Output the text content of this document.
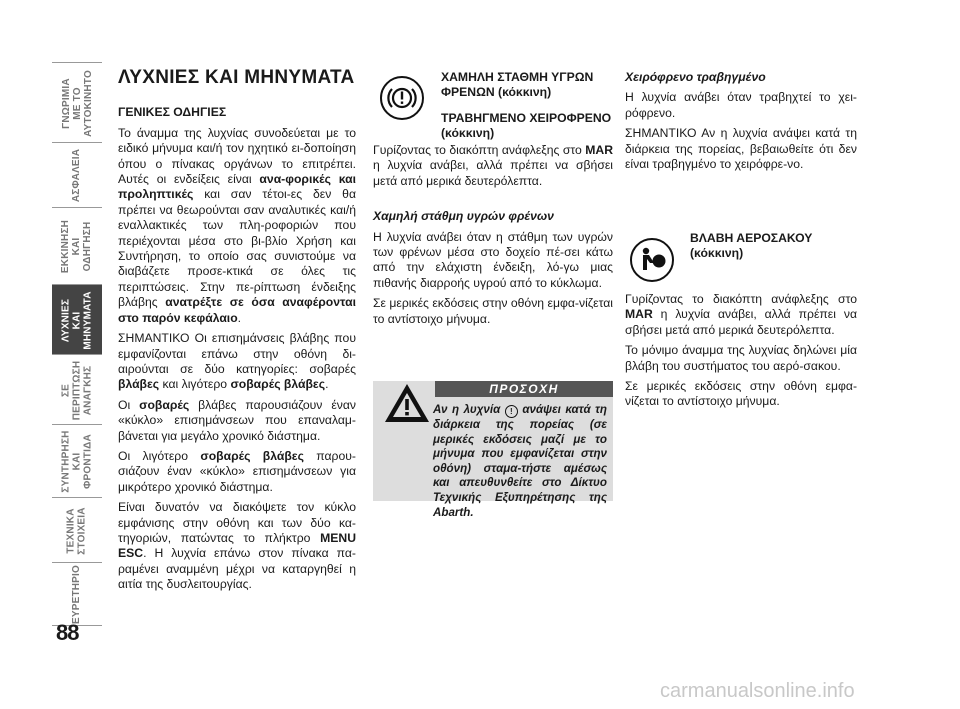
ΓΝΩΡΙΜΙΑ
ΜΕ ΤΟ
ΑΥΤΟΚΙΝΗΤΟ
ΑΣΦΑΛΕΙΑ
ΕΚΚΙΝΗΣΗ
ΚΑΙ
ΟΔΗΓΗΣΗ
ΛΥΧΝΙΕΣ
ΚΑΙ
ΜΗΝΥΜΑΤΑ
ΣΕ
ΠΕΡΙΠΤΩΣΗ
ΑΝΑΓΚΗΣ
ΣΥΝΤΗΡΗΣΗ
ΚΑΙ
ΦΡΟΝΤΙΔΑ
ΤΕΧΝΙΚΑ
ΣΤΟΙΧΕΙΑ
ΕΥΡΕΤΗΡΙΟ
88
ΛΥΧΝΙΕΣ ΚΑΙ ΜΗΝΥΜΑΤΑ

ΓΕΝΙΚΕΣ ΟΔΗΓΙΕΣ

Το άναμμα της λυχνίας συνοδεύεται με το ειδικό μήνυμα και/ή τον ηχητικό ει-δοποίηση όπου ο πίνακας οργάνων το επιτρέπει. Αυτές οι ενδείξεις είναι ανα-φορικές και προληπτικές και σαν τέτοι-ες δεν θα πρέπει να θεωρούνται σαν αναλυτικές και/ή εναλλακτικές των πλη-ροφοριών που περιέχονται μέσα στο βι-βλίο Χρήση και Συντήρηση, το οποίο σας συνιστούμε να διαβάζετε προσε-κτικά σε όλες τις περιπτώσεις. Στην πε-ρίπτωση ένδειξης βλάβης ανατρέξτε σε όσα αναφέρονται στο παρόν κεφάλαιο.

ΣΗΜΑΝΤΙΚΟ Οι επισημάνσεις βλάβης που εμφανίζονται επάνω στην οθόνη δι-αιρούνται σε δύο κατηγορίες: σοβαρές βλάβες και λιγότερο σοβαρές βλάβες.

Οι σοβαρές βλάβες παρουσιάζουν έναν «κύκλο» επισημάνσεων που επαναλαμ-βάνεται για μεγάλο χρονικό διάστημα.

Οι λιγότερο σοβαρές βλάβες παρου-σιάζουν έναν «κύκλο» επισημάνσεων για μικρότερο χρονικό διάστημα.

Είναι δυνατόν να διακόψετε τον κύκλο εμφάνισης στην οθόνη και των δύο κα-τηγοριών, πατώντας το πλήκτρο MENU ESC. Η λυχνία επάνω στον πίνακα πα-ραμένει αναμμένη μέχρι να καταργηθεί η αιτία της δυσλειτουργίας.

ΧΑΜΗΛΗ ΣΤΑΘΜΗ ΥΓΡΩΝ ΦΡΕΝΩΝ (κόκκινη)

ΤΡΑΒΗΓΜΕΝΟ ΧΕΙΡΟΦΡΕΝΟ (κόκκινη)

Γυρίζοντας το διακόπτη ανάφλεξης στο MAR η λυχνία ανάβει, αλλά πρέπει να σβήσει μετά από μερικά δευτερόλεπτα.

Χαμηλή στάθμη υγρών φρένων

Η λυχνία ανάβει όταν η στάθμη των υγρών των φρένων μέσα στο δοχείο πέ-σει κάτω από την ελάχιστη ένδειξη, λό-γω μιας πιθανής διαρροής υγρού από το κύκλωμα.

Σε μερικές εκδόσεις στην οθόνη εμφα-νίζεται το αντίστοιχο μήνυμα.

ΠΡΟΣΟΧΗ
Αν η λυχνία ! ανάψει κατά τη διάρκεια της πορείας (σε μερικές εκδόσεις μαζί με το μήνυμα που εμφανίζεται στην οθόνη) σταμα-τήστε αμέσως και απευθυνθείτε στο Δίκτυο Τεχνικής Εξυπηρέτησης της Abarth.

Χειρόφρενο τραβηγμένο

Η λυχνία ανάβει όταν τραβηχτεί το χει-ρόφρενο.

ΣΗΜΑΝΤΙΚΟ Αν η λυχνία ανάψει κατά τη διάρκεια της πορείας, βεβαιωθείτε ότι δεν είναι τραβηγμένο το χειρόφρε-νο.

ΒΛΑΒΗ ΑΕΡΟΣΑΚΟΥ (κόκκινη)

Γυρίζοντας το διακόπτη ανάφλεξης στο MAR η λυχνία ανάβει, αλλά πρέπει να σβήσει μετά από μερικά δευτερόλεπτα.

Το μόνιμο άναμμα της λυχνίας δηλώνει μία βλάβη του συστήματος του αερό-σακου.

Σε μερικές εκδόσεις στην οθόνη εμφα-νίζεται το αντίστοιχο μήνυμα.

carmanualsonline.info
